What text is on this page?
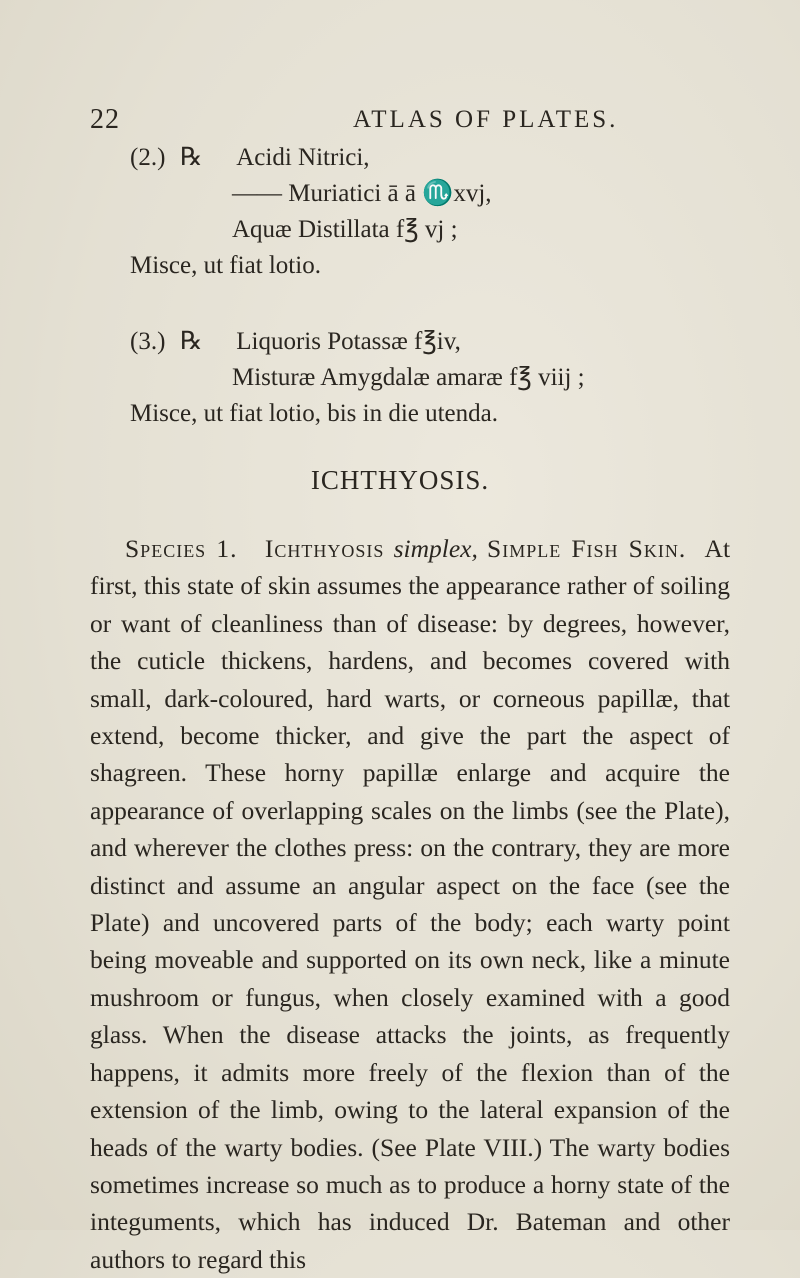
22	ATLAS OF PLATES.
(2.) ℞ Acidi Nitrici,
—— Muriatici ā ā ♏xvj,
Aquæ Distillata f℥ vj ;
Misce, ut fiat lotio.
(3.) ℞ Liquoris Potassæ f℥iv,
Misturæ Amygdalæ amaræ f℥ viij ;
Misce, ut fiat lotio, bis in die utenda.
ICHTHYOSIS.

Species 1. Ichthyosis simplex, Simple Fish Skin. At first, this state of skin assumes the appearance rather of soiling or want of cleanliness than of disease: by degrees, however, the cuticle thickens, hardens, and becomes covered with small, dark-coloured, hard warts, or corneous papillæ, that extend, become thicker, and give the part the aspect of shagreen. These horny papillæ enlarge and acquire the appearance of overlapping scales on the limbs (see the Plate), and wherever the clothes press: on the contrary, they are more distinct and assume an angular aspect on the face (see the Plate) and uncovered parts of the body; each warty point being moveable and supported on its own neck, like a minute mushroom or fungus, when closely examined with a good glass. When the disease attacks the joints, as frequently happens, it admits more freely of the flexion than of the extension of the limb, owing to the lateral expansion of the heads of the warty bodies. (See Plate VIII.) The warty bodies sometimes increase so much as to produce a horny state of the integuments, which has induced Dr. Bateman and other authors to regard this
